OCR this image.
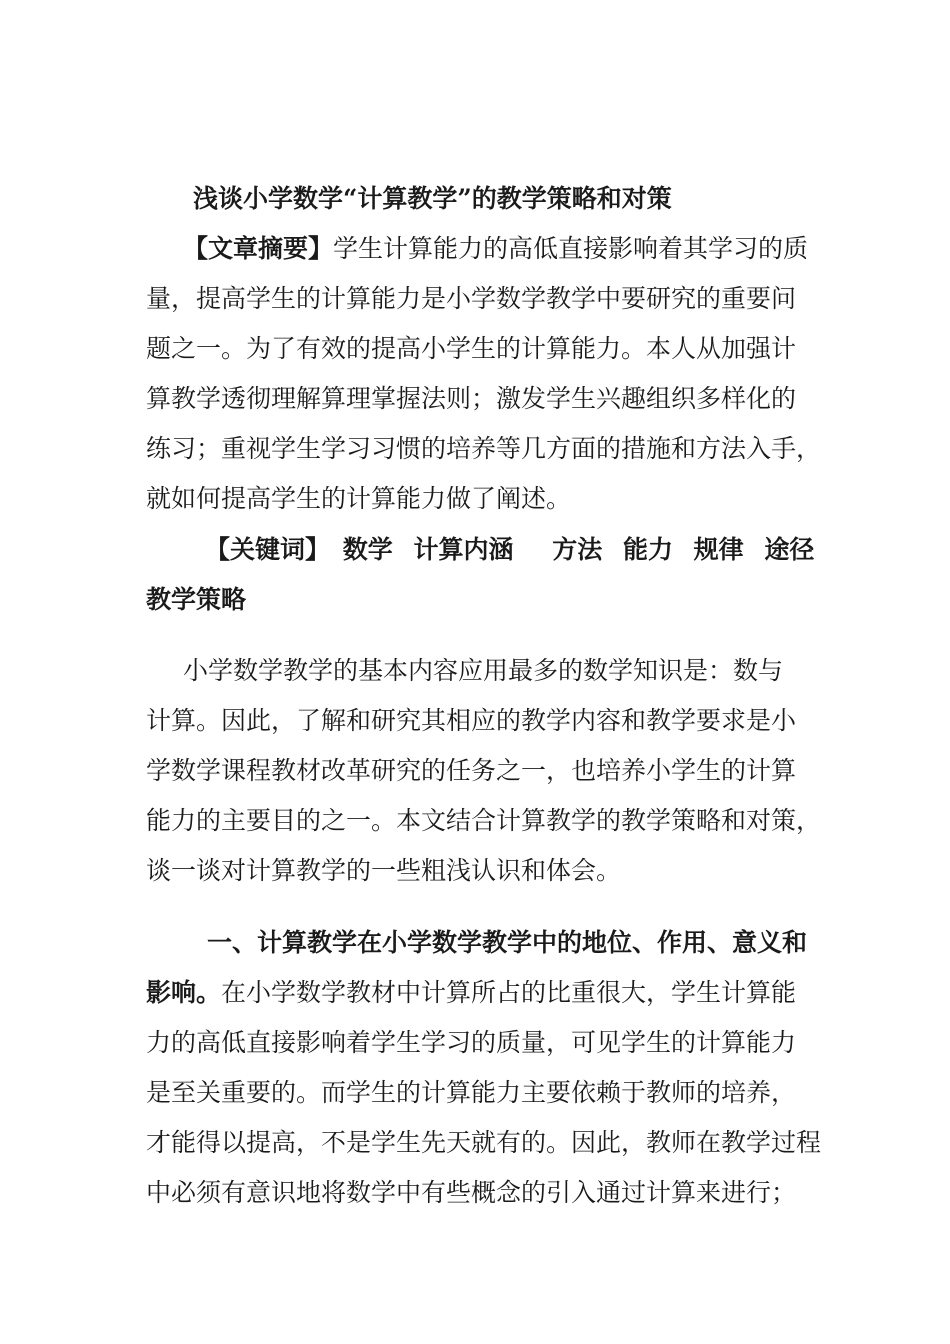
浅谈小学数学“计算教学”的教学策略和对策
【文章摘要】学生计算能力的高低直接影响着其学习的质
量，提高学生的计算能力是小学数学教学中要研究的重要问
题之一。为了有效的提高小学生的计算能力。本人从加强计
算教学透彻理解算理掌握法则；激发学生兴趣组织多样化的
练习；重视学生学习习惯的培养等几方面的措施和方法入手，
就如何提高学生的计算能力做了阐述。
【关键词】 数学 计算内涵 方法 能力 规律 途径
教学策略
小学数学教学的基本内容应用最多的数学知识是：数与
计算。因此，了解和研究其相应的教学内容和教学要求是小
学数学课程教材改革研究的任务之一，也培养小学生的计算
能力的主要目的之一。本文结合计算教学的教学策略和对策，
谈一谈对计算教学的一些粗浅认识和体会。
一、计算教学在小学数学教学中的地位、作用、意义和
影响。在小学数学教材中计算所占的比重很大，学生计算能
力的高低直接影响着学生学习的质量，可见学生的计算能力
是至关重要的。而学生的计算能力主要依赖于教师的培养，
才能得以提高，不是学生先天就有的。因此，教师在教学过程
中必须有意识地将数学中有些概念的引入通过计算来进行；
